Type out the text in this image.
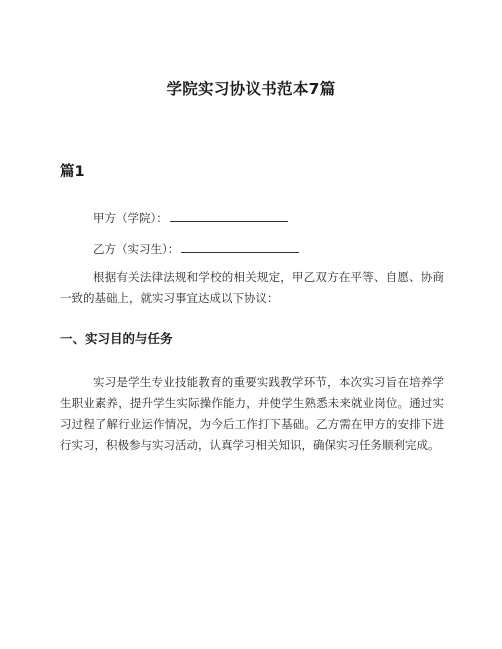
学院实习协议书范本7篇
篇1
甲方（学院）：
乙方（实习生）：
根据有关法律法规和学校的相关规定，甲乙双方在平等、自愿、协商一致的基础上，就实习事宜达成以下协议：
一、实习目的与任务
实习是学生专业技能教育的重要实践教学环节，本次实习旨在培养学生职业素养，提升学生实际操作能力，并使学生熟悉未来就业岗位。通过实习过程了解行业运作情况，为今后工作打下基础。乙方需在甲方的安排下进行实习，积极参与实习活动，认真学习相关知识，确保实习任务顺利完成。
